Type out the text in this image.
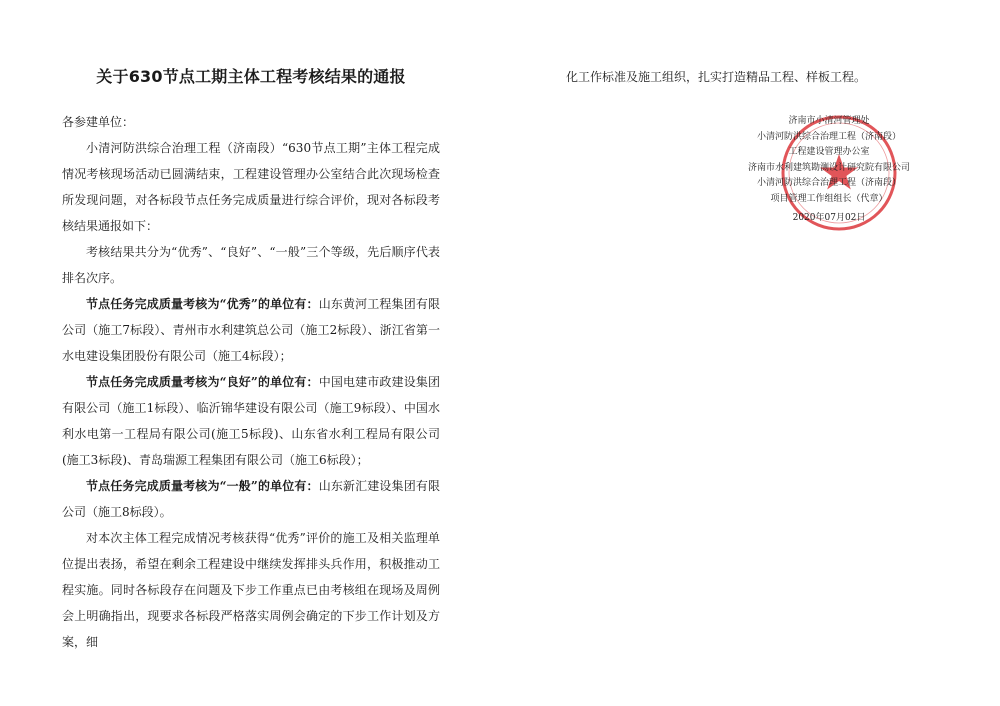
关于630节点工期主体工程考核结果的通报

各参建单位：

小清河防洪综合治理工程（济南段）“630节点工期”主体工程完成情况考核现场活动已圆满结束，工程建设管理办公室结合此次现场检查所发现问题，对各标段节点任务完成质量进行综合评价，现对各标段考核结果通报如下：

考核结果共分为“优秀”、“良好”、“一般”三个等级，先后顺序代表排名次序。

节点任务完成质量考核为“优秀”的单位有：山东黄河工程集团有限公司（施工7标段）、青州市水利建筑总公司（施工2标段）、浙江省第一水电建设集团股份有限公司（施工4标段）；

节点任务完成质量考核为“良好”的单位有：中国电建市政建设集团有限公司（施工1标段）、临沂锦华建设有限公司（施工9标段）、中国水利水电第一工程局有限公司(施工5标段)、山东省水利工程局有限公司(施工3标段)、青岛瑞源工程集团有限公司（施工6标段）；

节点任务完成质量考核为“一般”的单位有：山东新汇建设集团有限公司（施工8标段）。

对本次主体工程完成情况考核获得“优秀”评价的施工及相关监理单位提出表扬，希望在剩余工程建设中继续发挥排头兵作用，积极推动工程实施。同时各标段存在问题及下步工作重点已由考核组在现场及周例会上明确指出，现要求各标段严格落实周例会确定的下步工作计划及方案，细

化工作标准及施工组织，扎实打造精品工程、样板工程。

济南市小清河管理处
小清河防洪综合治理工程（济南段）
工程建设管理办公室
济南市水利建筑勘测设计研究院有限公司
小清河防洪综合治理工程（济南段）
项目管理工作组组长（代章）
2020年07月02日
